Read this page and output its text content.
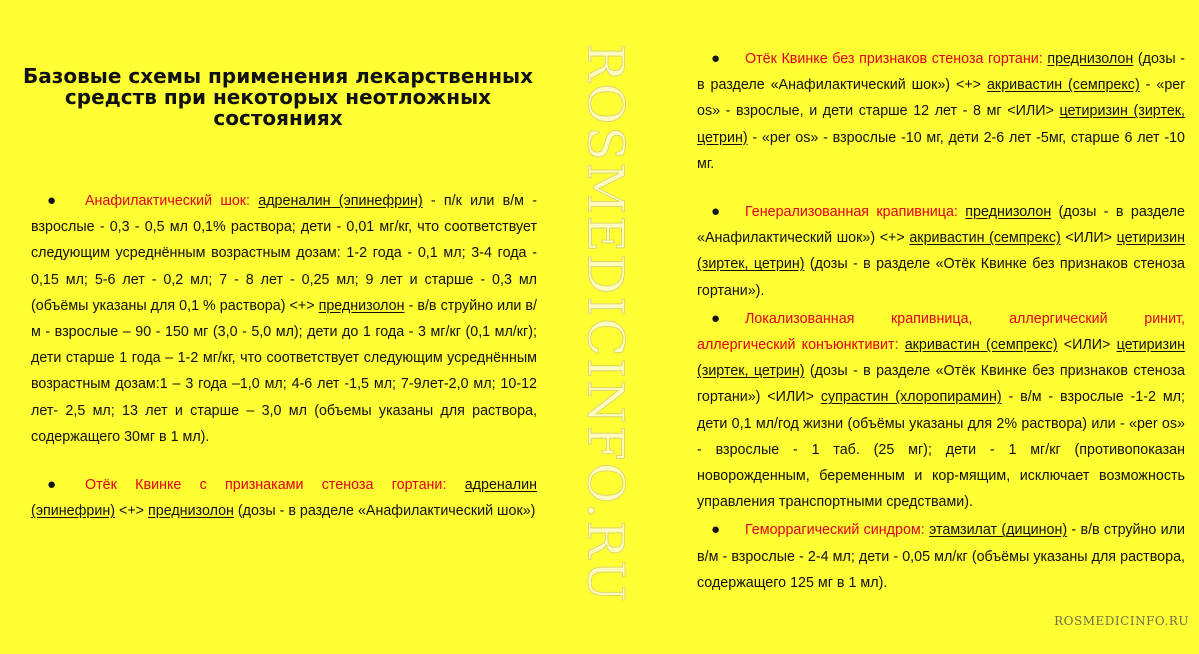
ROSMEDICINFO.RU
Базовые схемы применения лекарственных
средств при некоторых неотложных
состояниях
● Анафилактический шок: адреналин (эпинефрин) - п/к или в/м - взрослые - 0,3 - 0,5 мл 0,1% раствора; дети - 0,01 мг/кг, что соответствует следующим усреднённым возрастным дозам: 1-2 года - 0,1 мл; 3-4 года - 0,15 мл; 5-6 лет - 0,2 мл; 7 - 8 лет - 0,25 мл; 9 лет и старше - 0,3 мл (объёмы указаны для 0,1 % раствора) <+> преднизолон - в/в струйно или в/м - взрослые – 90 - 150 мг (3,0 - 5,0 мл); дети до 1 года - 3 мг/кг (0,1 мл/кг); дети старше 1 года – 1-2 мг/кг, что соответствует следующим усреднённым возрастным дозам:1 – 3 года –1,0 мл; 4-6 лет -1,5 мл; 7-9лет-2,0 мл; 10-12 лет- 2,5 мл; 13 лет и старше – 3,0 мл (объемы указаны для раствора, содержащего 30мг в 1 мл).
● Отёк Квинке с признаками стеноза гортани: адреналин (эпинефрин) <+> преднизолон (дозы - в разделе «Анафилактический шок»)
● Отёк Квинке без признаков стеноза гортани: преднизолон (дозы - в разделе «Анафилактический шок») <+> акривастин (семпрекс) - «per os» - взрослые, и дети старше 12 лет - 8 мг <ИЛИ> цетиризин (зиртек, цетрин) - «per os» - взрослые -10 мг, дети 2-6 лет -5мг, старше 6 лет -10 мг.
● Генерализованная крапивница: преднизолон (дозы - в разделе «Анафилактический шок») <+> акривастин (семпрекс) <ИЛИ> цетиризин (зиртек, цетрин) (дозы - в разделе «Отёк Квинке без признаков стеноза гортани»).
● Локализованная крапивница, аллергический ринит, аллергический конъюнктивит: акривастин (семпрекс) <ИЛИ> цетиризин (зиртек, цетрин) (дозы - в разделе «Отёк Квинке без признаков стеноза гортани») <ИЛИ> супрастин (хлоропирамин) - в/м - взрослые -1-2 мл; дети 0,1 мл/год жизни (объёмы указаны для 2% раствора) или - «per os» - взрослые - 1 таб. (25 мг); дети - 1 мг/кг (противопоказан новорожденным, беременным и кор-мящим, исключает возможность управления транспортными средствами).
● Геморрагический синдром: этамзилат (дицинон) - в/в струйно или в/м - взрослые - 2-4 мл; дети - 0,05 мл/кг (объёмы указаны для раствора, содержащего 125 мг в 1 мл).
ROSMEDICINFO.RU
